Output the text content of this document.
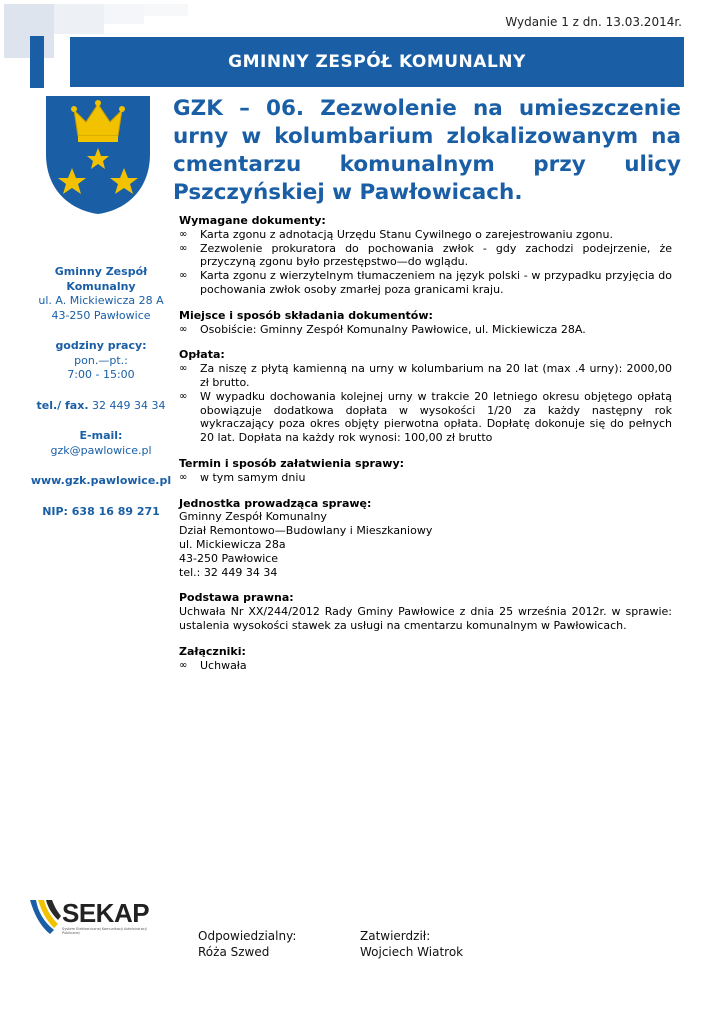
Wydanie 1 z dn. 13.03.2014r.
GMINNY ZESPÓŁ KOMUNALNY
GZK – 06. Zezwolenie na umieszczenie urny w kolumbarium zlokalizowanym na cmentarzu komunalnym przy ulicy Pszczyńskiej w Pawłowicach.
Gminny Zespół
Komunalny
ul. A. Mickiewicza 28 A
43-250 Pawłowice
godziny pracy:
pon.—pt.:
7:00 - 15:00
tel./ fax. 32 449 34 34
E-mail:
gzk@pawlowice.pl
www.gzk.pawlowice.pl
NIP: 638 16 89 271
Wymagane dokumenty:
∞ Karta zgonu z adnotacją Urzędu Stanu Cywilnego o zarejestrowaniu zgonu.
∞ Zezwolenie prokuratora do pochowania zwłok - gdy zachodzi podejrzenie, że przyczyną zgonu było przestępstwo—do wglądu.
∞ Karta zgonu z wierzytelnym tłumaczeniem na język polski - w przypadku przyjęcia do pochowania zwłok osoby zmarłej poza granicami kraju.
Miejsce i sposób składania dokumentów:
∞ Osobiście: Gminny Zespół Komunalny Pawłowice, ul. Mickiewicza 28A.
Opłata:
∞ Za niszę z płytą kamienną na urny w kolumbarium na 20 lat (max .4 urny): 2000,00 zł brutto.
∞ W wypadku dochowania kolejnej urny w trakcie 20 letniego okresu objętego opłatą obowiązuje dodatkowa dopłata w wysokości 1/20 za każdy następny rok wykraczający poza okres objęty pierwotna opłata. Dopłatę dokonuje się do pełnych 20 lat. Dopłata na każdy rok wynosi: 100,00 zł brutto
Termin i sposób załatwienia sprawy:
∞ w tym samym dniu
Jednostka prowadząca sprawę:
Gminny Zespół Komunalny
Dział Remontowo—Budowlany i Mieszkaniowy
ul. Mickiewicza 28a
43-250 Pawłowice
tel.: 32 449 34 34
Podstawa prawna:
Uchwała Nr XX/244/2012 Rady Gminy Pawłowice z dnia 25 września 2012r. w sprawie: ustalenia wysokości stawek za usługi na cmentarzu komunalnym w Pawłowicach.
Załączniki:
∞ Uchwała
SEKAP
System Elektronicznej Komunikacji Administracji Publicznej	Odpowiedzialny:
Róża Szwed
Zatwierdził:
Wojciech Wiatrok
